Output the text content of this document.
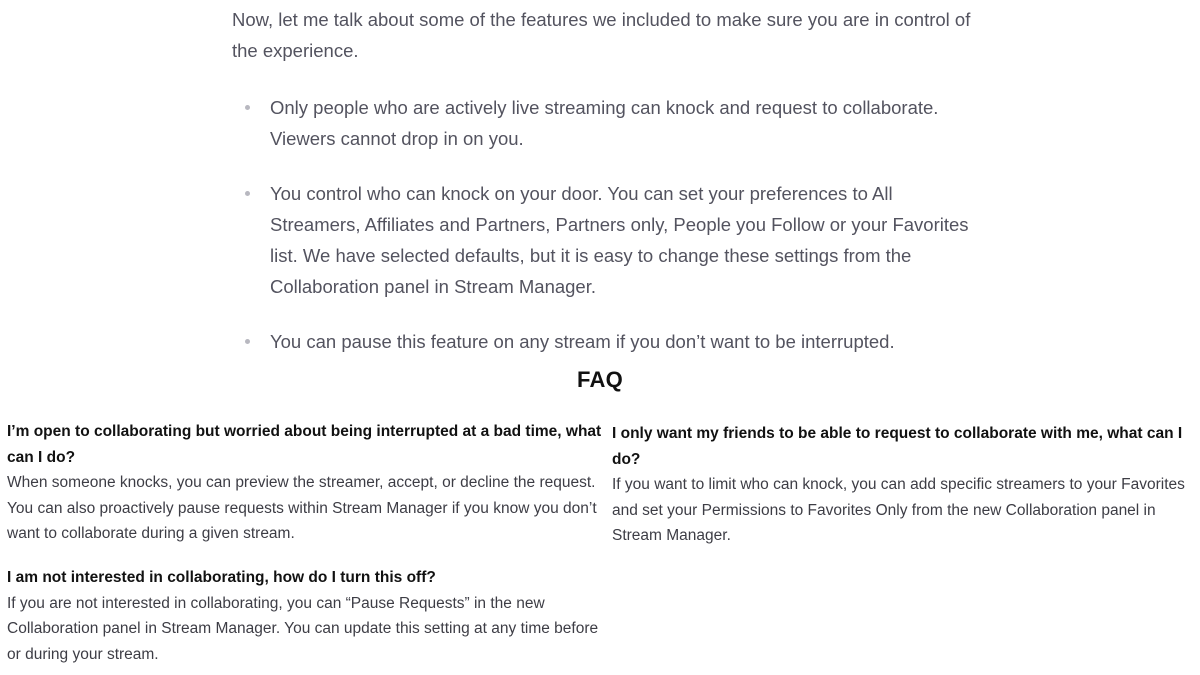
Now, let me talk about some of the features we included to make sure you are in control of the experience.

Only people who are actively live streaming can knock and request to collaborate. Viewers cannot drop in on you.
You control who can knock on your door. You can set your preferences to All Streamers, Affiliates and Partners, Partners only, People you Follow or your Favorites list. We have selected defaults, but it is easy to change these settings from the Collaboration panel in Stream Manager.
You can pause this feature on any stream if you don’t want to be interrupted.
FAQ
I’m open to collaborating but worried about being interrupted at a bad time, what can I do?
When someone knocks, you can preview the streamer, accept, or decline the request. You can also proactively pause requests within Stream Manager if you know you don’t want to collaborate during a given stream.
I only want my friends to be able to request to collaborate with me, what can I do?
If you want to limit who can knock, you can add specific streamers to your Favorites and set your Permissions to Favorites Only from the new Collaboration panel in Stream Manager.
I am not interested in collaborating, how do I turn this off?
If you are not interested in collaborating, you can “Pause Requests” in the new Collaboration panel in Stream Manager. You can update this setting at any time before or during your stream.
